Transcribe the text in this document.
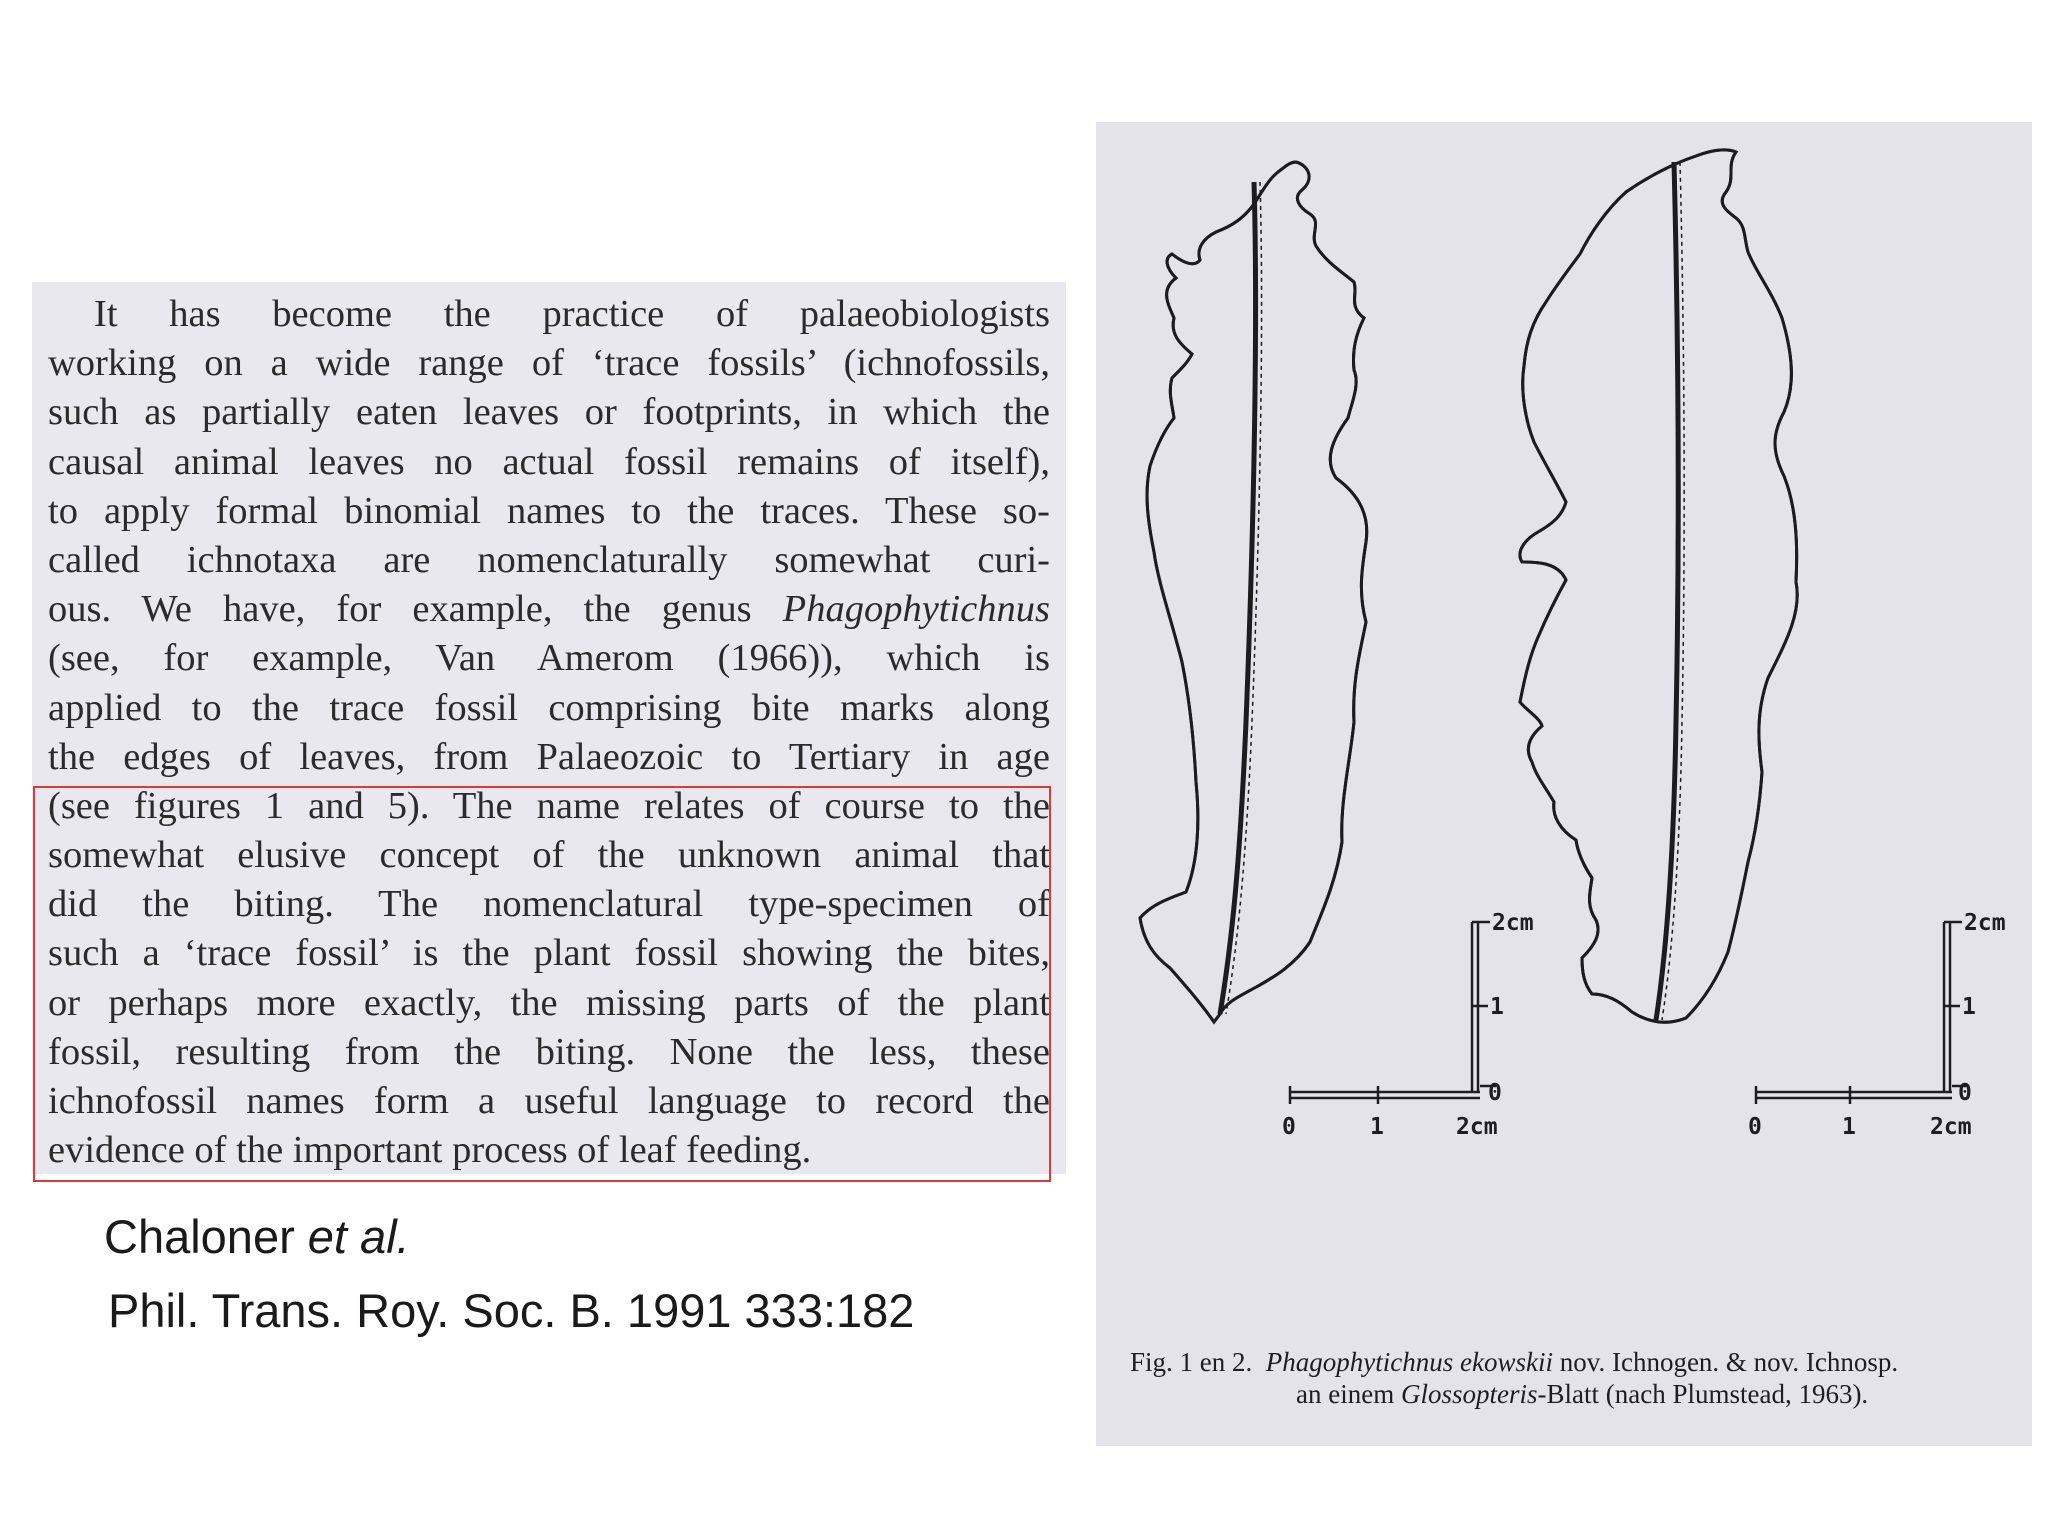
It has become the practice of palaeobiologists
working on a wide range of ‘trace fossils’ (ichnofossils,
such as partially eaten leaves or footprints, in which the
causal animal leaves no actual fossil remains of itself),
to apply formal binomial names to the traces. These so-
called ichnotaxa are nomenclaturally somewhat curi-
ous. We have, for example, the genus Phagophytichnus
(see, for example, Van Amerom (1966)), which is
applied to the trace fossil comprising bite marks along
the edges of leaves, from Palaeozoic to Tertiary in age
(see figures 1 and 5). The name relates of course to the
somewhat elusive concept of the unknown animal that
did the biting. The nomenclatural type-specimen of
such a ‘trace fossil’ is the plant fossil showing the bites,
or perhaps more exactly, the missing parts of the plant
fossil, resulting from the biting. None the less, these
ichnofossil names form a useful language to record the
evidence of the important process of leaf feeding.
Chaloner et al.
Phil. Trans. Roy. Soc. B. 1991 333:182
0
1
2cm
0	1	2cm
0
1
2cm
0	1	2cm
Fig. 1 en 2. Phagophytichnus ekowskii nov. Ichnogen. & nov. Ichnosp.
an einem Glossopteris-Blatt (nach Plumstead, 1963).
